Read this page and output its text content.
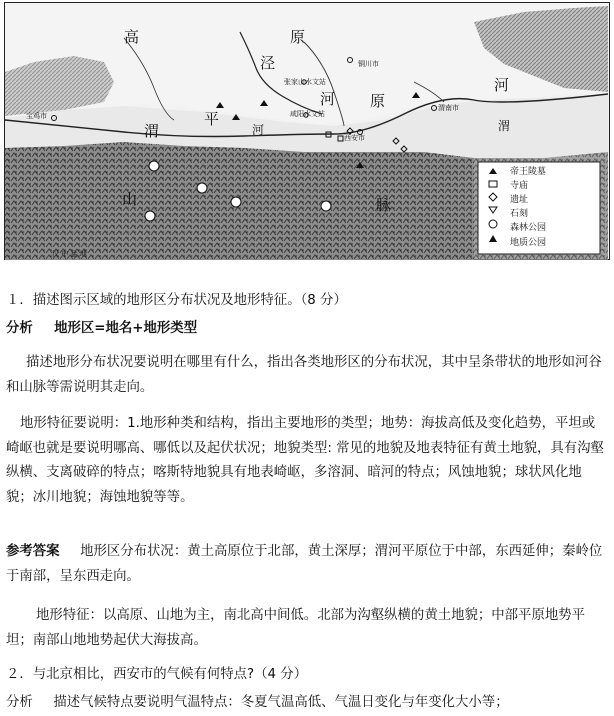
高	原
泾
河
河 原
渭
平
河	渭
山	脉
铜川市
张家山水文站
咸阳水文站
西安市
渭南市
宝鸡市
汉 中 盆 地
帝王陵墓
寺庙
遗址
石刻
森林公园
地质公园

１．描述图示区域的地形区分布状况及地形特征。（8 分）

分析 地形区=地名+地形类型

描述地形分布状况要说明在哪里有什么，指出各类地形区的分布状况，其中呈条带状的地形如河谷和山脉等需说明其走向。

地形特征要说明：1.地形种类和结构，指出主要地形的类型；地势：海拔高低及变化趋势，平坦或崎岖也就是要说明哪高、哪低以及起伏状况；地貌类型: 常见的地貌及地表特征有黄土地貌，具有沟壑纵横、支离破碎的特点；喀斯特地貌具有地表崎岖，多溶洞、暗河的特点；风蚀地貌；球状风化地貌；冰川地貌；海蚀地貌等等。

参考答案 地形区分布状况：黄土高原位于北部，黄土深厚；渭河平原位于中部，东西延伸；秦岭位于南部，呈东西走向。

地形特征：以高原、山地为主，南北高中间低。北部为沟壑纵横的黄土地貌；中部平原地势平坦；南部山地地势起伏大海拔高。

２．与北京相比，西安市的气候有何特点?（4 分）

分析 描述气候特点要说明气温特点：冬夏气温高低、气温日变化与年变化大小等；
